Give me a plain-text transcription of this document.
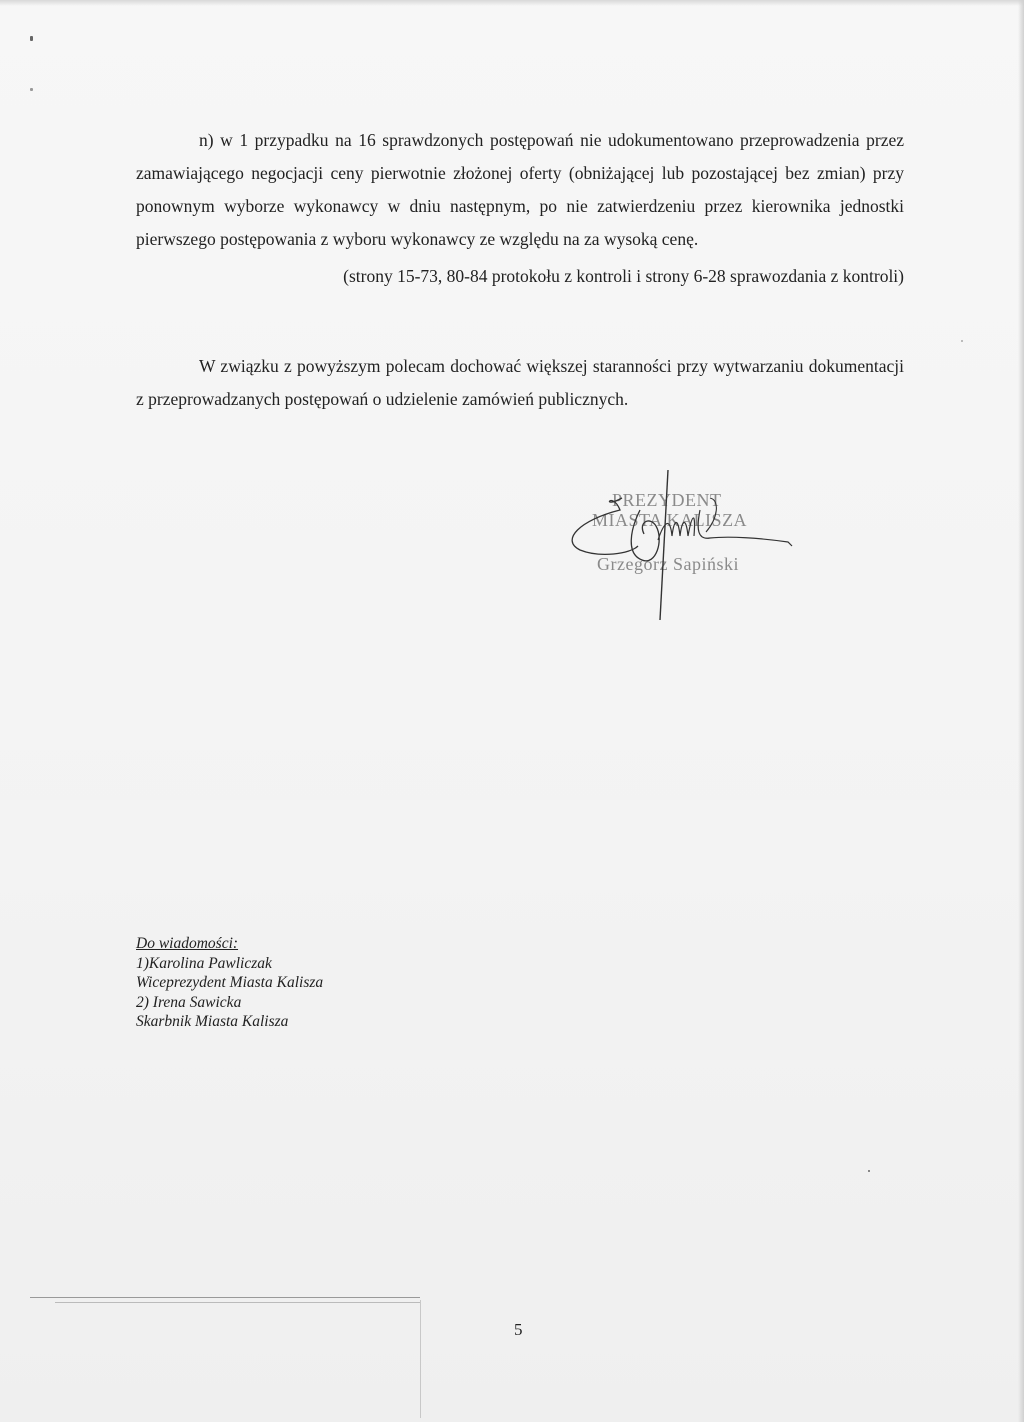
n) w 1 przypadku na 16 sprawdzonych postępowań nie udokumentowano przeprowadzenia przez zamawiającego negocjacji ceny pierwotnie złożonej oferty (obniżającej lub pozostającej bez zmian) przy ponownym wyborze wykonawcy w dniu następnym, po nie zatwierdzeniu przez kierownika jednostki pierwszego postępowania z wyboru wykonawcy ze względu na za wysoką cenę.

(strony 15-73, 80-84 protokołu z kontroli i strony 6-28 sprawozdania z kontroli)

W związku z powyższym polecam dochować większej staranności przy wytwarzaniu dokumentacji z przeprowadzanych postępowań o udzielenie zamówień publicznych.

PREZYDENT
MIASTA KALISZA
Grzegorz Sapiński
Do wiadomości:
1)Karolina Pawliczak
Wiceprezydent Miasta Kalisza
2) Irena Sawicka
Skarbnik Miasta Kalisza
5
